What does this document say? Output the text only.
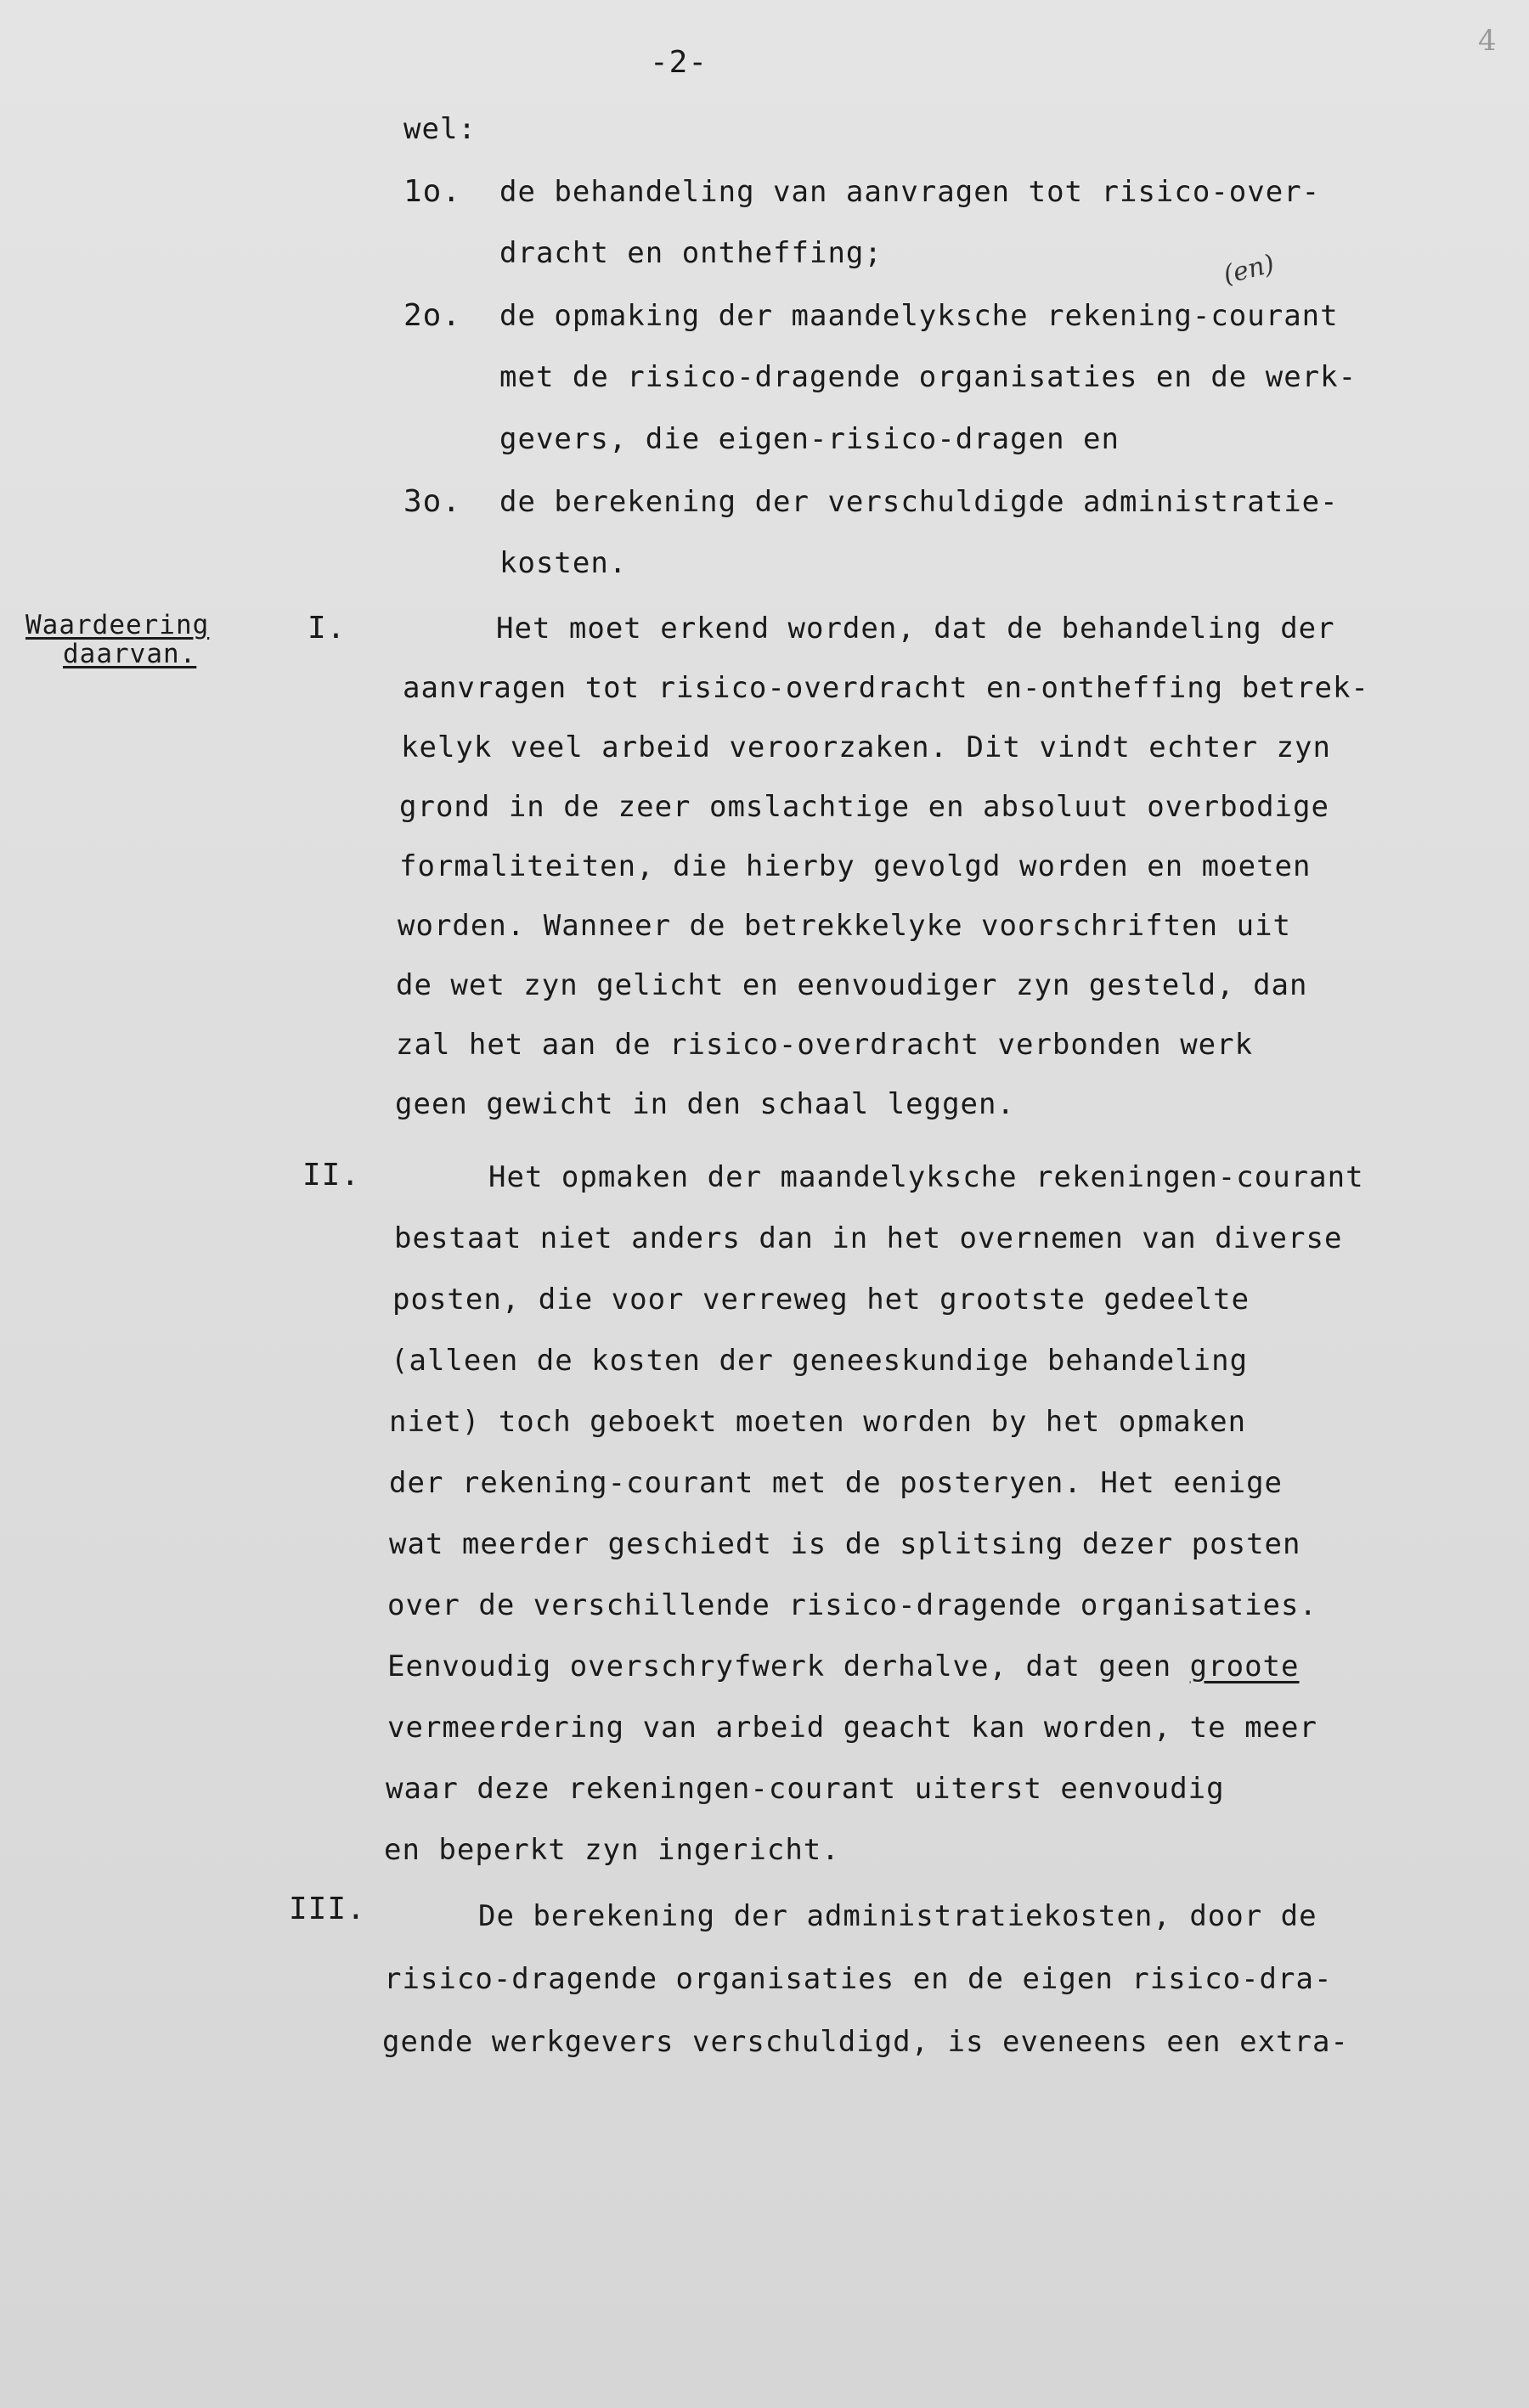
-2-
4
wel:
1o. de behandeling van aanvragen tot risico-over-
dracht en ontheffing;
2o. de opmaking der maandelyksche rekening-courant
(en)
met de risico-dragende organisaties en de werk-
gevers, die eigen-risico-dragen en
3o. de berekening der verschuldigde administratie-
kosten.
Waardeering
daarvan.
I.	Het moet erkend worden, dat de behandeling der
aanvragen tot risico-overdracht en-ontheffing betrek-
kelyk veel arbeid veroorzaken. Dit vindt echter zyn
grond in de zeer omslachtige en absoluut overbodige
formaliteiten, die hierby gevolgd worden en moeten
worden. Wanneer de betrekkelyke voorschriften uit
de wet zyn gelicht en eenvoudiger zyn gesteld, dan
zal het aan de risico-overdracht verbonden werk
geen gewicht in den schaal leggen.
II.	Het opmaken der maandelyksche rekeningen-courant
bestaat niet anders dan in het overnemen van diverse
posten, die voor verreweg het grootste gedeelte
(alleen de kosten der geneeskundige behandeling
niet) toch geboekt moeten worden by het opmaken
der rekening-courant met de posteryen. Het eenige
wat meerder geschiedt is de splitsing dezer posten
over de verschillende risico-dragende organisaties.
Eenvoudig overschryfwerk derhalve, dat geen groote
vermeerdering van arbeid geacht kan worden, te meer
waar deze rekeningen-courant uiterst eenvoudig
en beperkt zyn ingericht.
III.	De berekening der administratiekosten, door de
risico-dragende organisaties en de eigen risico-dra-
gende werkgevers verschuldigd, is eveneens een extra-
